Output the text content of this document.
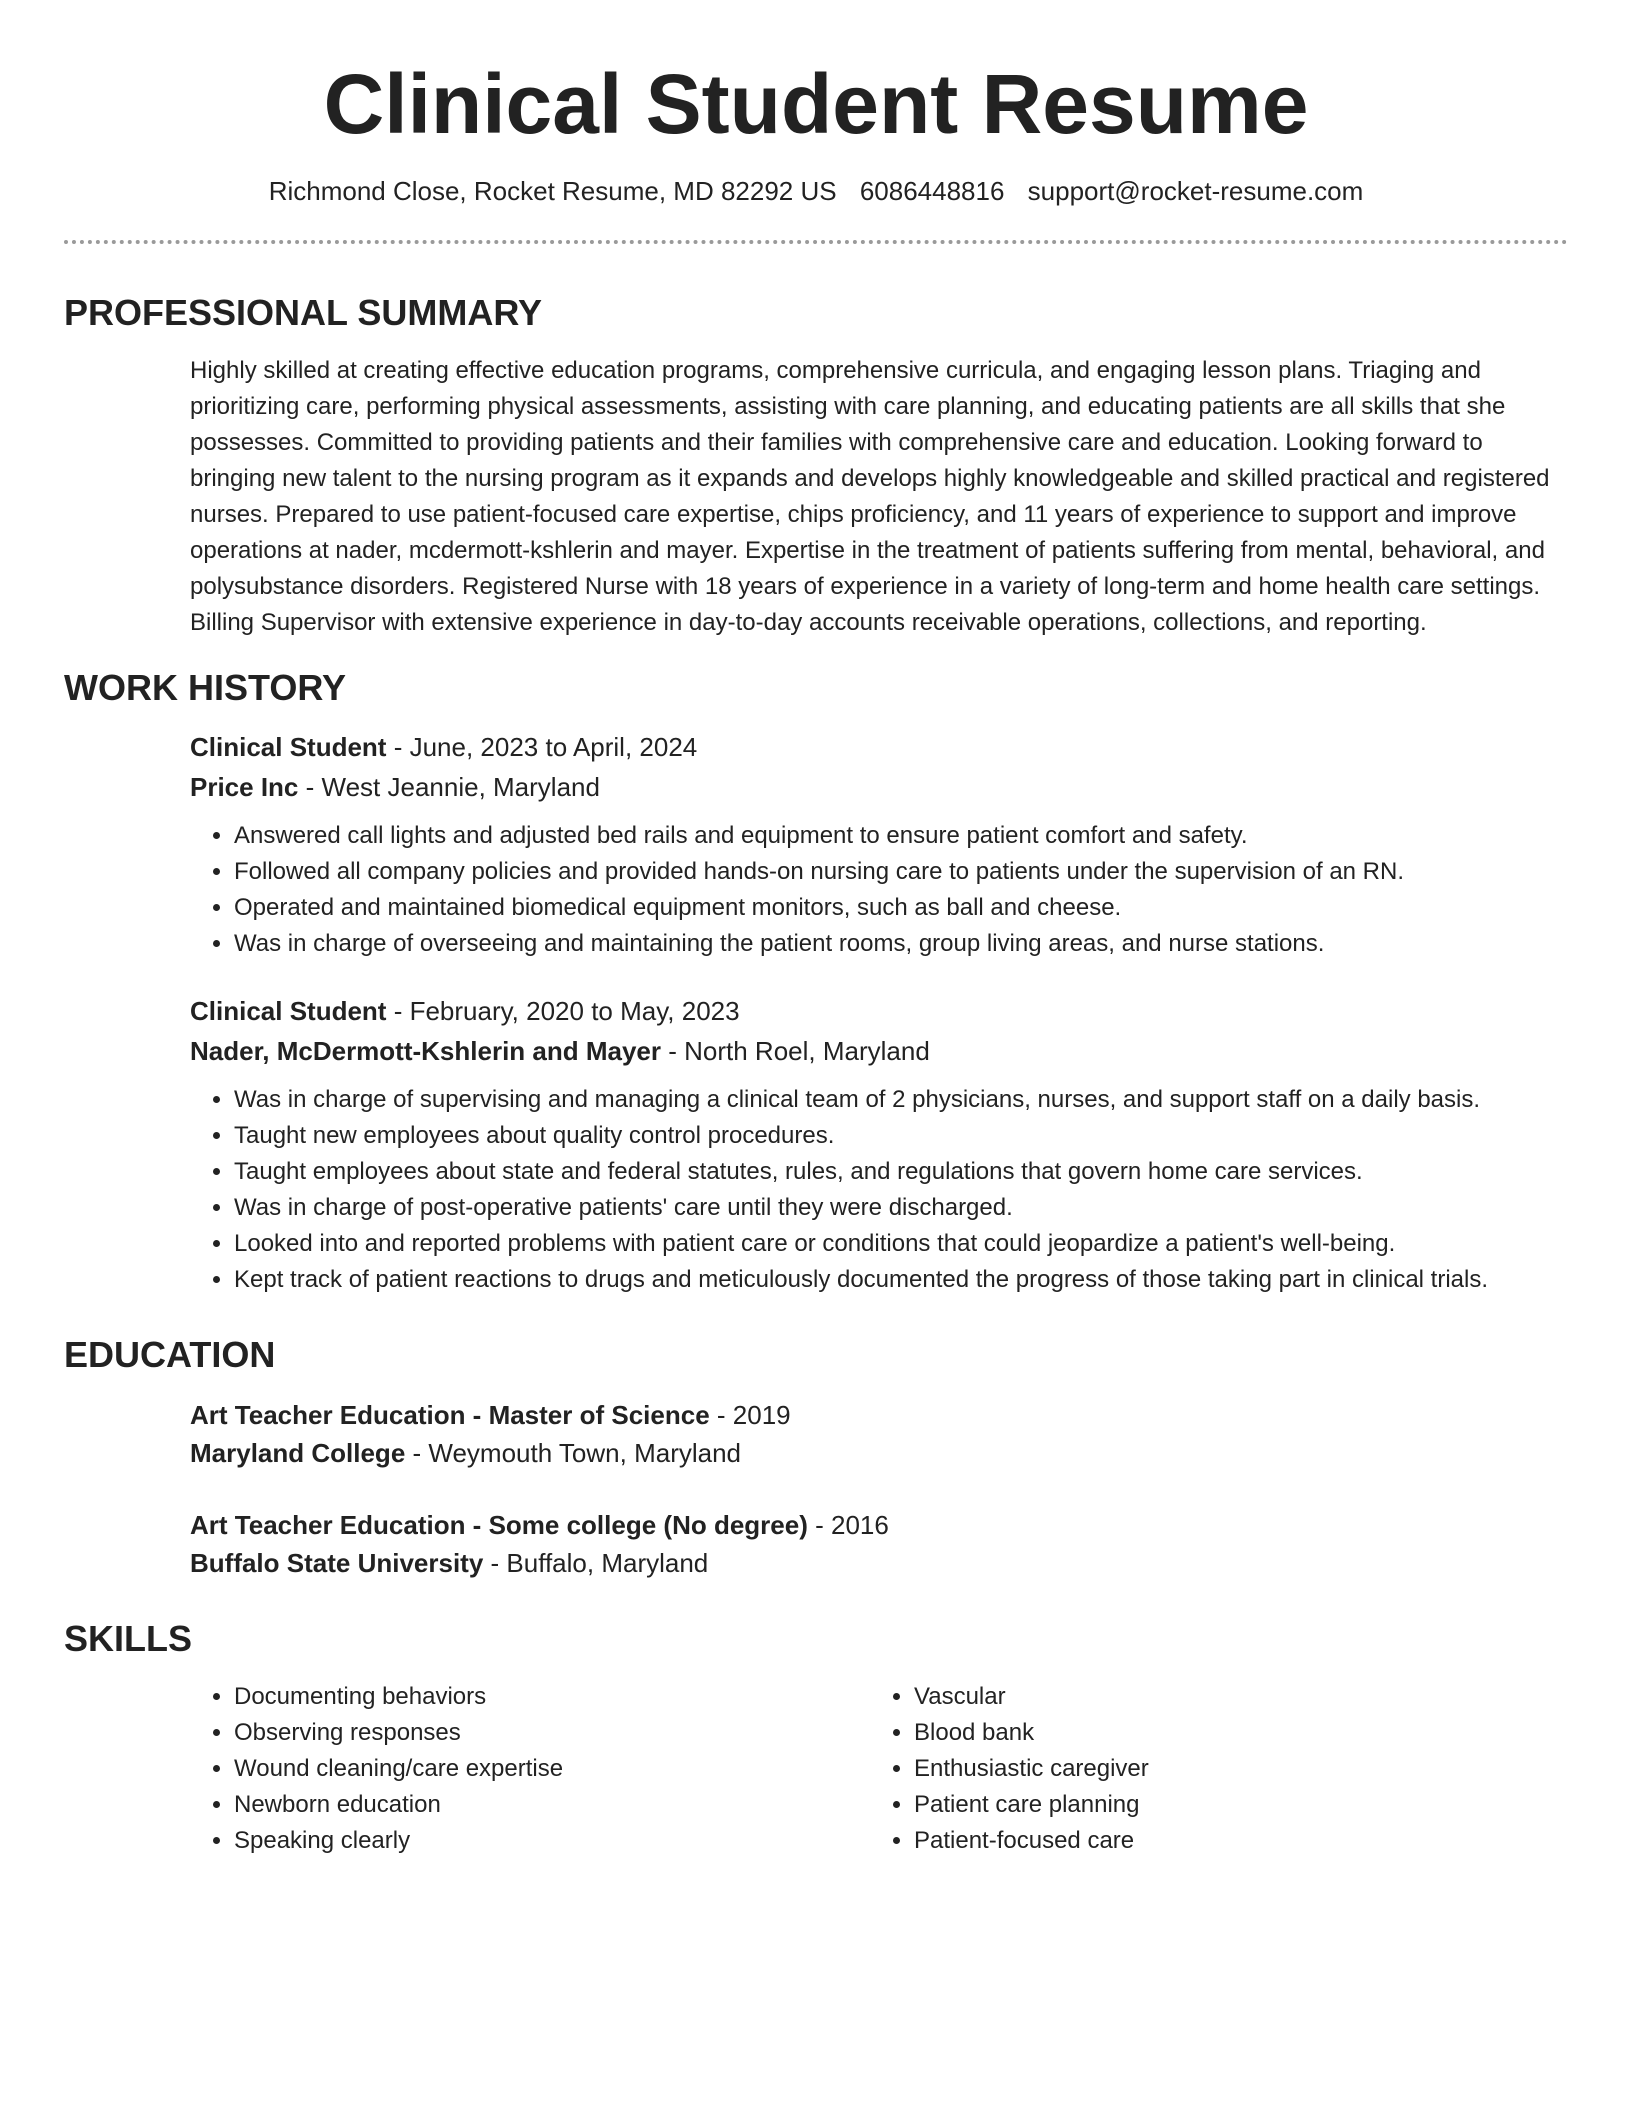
Clinical Student Resume
Richmond Close, Rocket Resume, MD 82292 US 6086448816 support@rocket-resume.com
PROFESSIONAL SUMMARY

Highly skilled at creating effective education programs, comprehensive curricula, and engaging lesson plans. Triaging and prioritizing care, performing physical assessments, assisting with care planning, and educating patients are all skills that she possesses. Committed to providing patients and their families with comprehensive care and education. Looking forward to bringing new talent to the nursing program as it expands and develops highly knowledgeable and skilled practical and registered nurses. Prepared to use patient-focused care expertise, chips proficiency, and 11 years of experience to support and improve operations at nader, mcdermott-kshlerin and mayer. Expertise in the treatment of patients suffering from mental, behavioral, and polysubstance disorders. Registered Nurse with 18 years of experience in a variety of long-term and home health care settings. Billing Supervisor with extensive experience in day-to-day accounts receivable operations, collections, and reporting.

WORK HISTORY
Clinical Student - June, 2023 to April, 2024
Price Inc - West Jeannie, Maryland
• Answered call lights and adjusted bed rails and equipment to ensure patient comfort and safety.
• Followed all company policies and provided hands-on nursing care to patients under the supervision of an RN.
• Operated and maintained biomedical equipment monitors, such as ball and cheese.
• Was in charge of overseeing and maintaining the patient rooms, group living areas, and nurse stations.
Clinical Student - February, 2020 to May, 2023
Nader, McDermott-Kshlerin and Mayer - North Roel, Maryland
• Was in charge of supervising and managing a clinical team of 2 physicians, nurses, and support staff on a daily basis.
• Taught new employees about quality control procedures.
• Taught employees about state and federal statutes, rules, and regulations that govern home care services.
• Was in charge of post-operative patients' care until they were discharged.
• Looked into and reported problems with patient care or conditions that could jeopardize a patient's well-being.
• Kept track of patient reactions to drugs and meticulously documented the progress of those taking part in clinical trials.
EDUCATION
Art Teacher Education - Master of Science - 2019
Maryland College - Weymouth Town, Maryland
Art Teacher Education - Some college (No degree) - 2016
Buffalo State University - Buffalo, Maryland
SKILLS
• Documenting behaviors
• Observing responses
• Wound cleaning/care expertise
• Newborn education
• Speaking clearly
• Vascular
• Blood bank
• Enthusiastic caregiver
• Patient care planning
• Patient-focused care
